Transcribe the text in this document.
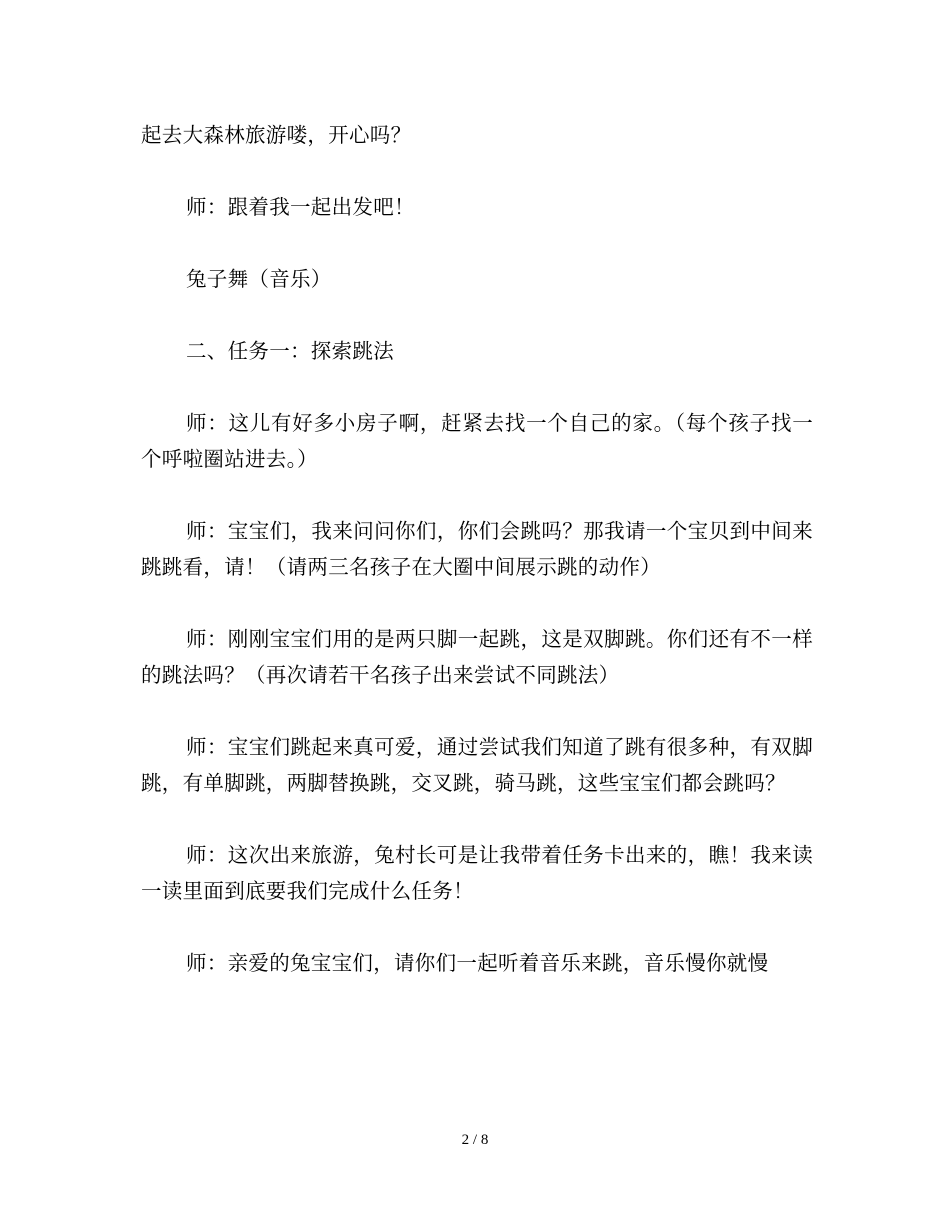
起去大森林旅游喽，开心吗？

师：跟着我一起出发吧！

兔子舞（音乐）

二、任务一：探索跳法

师：这儿有好多小房子啊，赶紧去找一个自己的家。（每个孩子找一个呼啦圈站进去。）

师：宝宝们，我来问问你们，你们会跳吗？那我请一个宝贝到中间来跳跳看，请！（请两三名孩子在大圈中间展示跳的动作）

师：刚刚宝宝们用的是两只脚一起跳，这是双脚跳。你们还有不一样的跳法吗？（再次请若干名孩子出来尝试不同跳法）

师：宝宝们跳起来真可爱，通过尝试我们知道了跳有很多种，有双脚跳，有单脚跳，两脚替换跳，交叉跳，骑马跳，这些宝宝们都会跳吗？

师：这次出来旅游，兔村长可是让我带着任务卡出来的，瞧！我来读一读里面到底要我们完成什么任务！

师：亲爱的兔宝宝们，请你们一起听着音乐来跳，音乐慢你就慢

2 / 8
